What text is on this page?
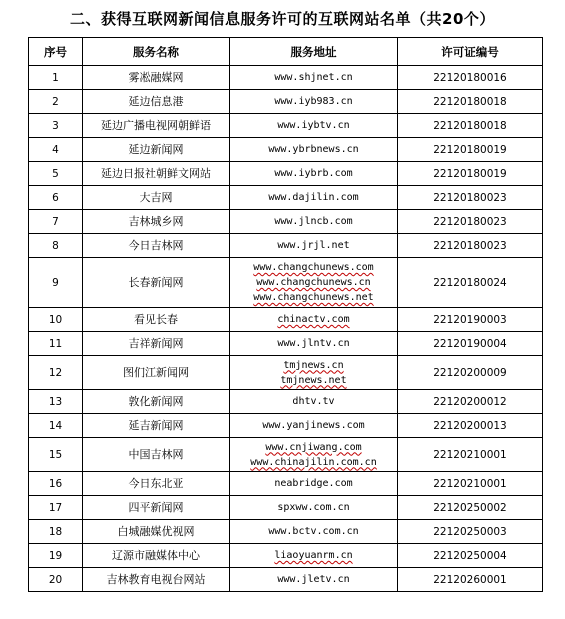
二、获得互联网新闻信息服务许可的互联网站名单（共20个）
序号	服务名称	服务地址	许可证编号
1	雾凇融媒网	www.shjnet.cn	22120180016
2	延边信息港	www.iyb983.cn	22120180018
3	延边广播电视网朝鲜语	www.iybtv.cn	22120180018
4	延边新闻网	www.ybrbnews.cn	22120180019
5	延边日报社朝鲜文网站	www.iybrb.com	22120180019
6	大吉网	www.dajilin.com	22120180023
7	吉林城乡网	www.jlncb.com	22120180023
8	今日吉林网	www.jrjl.net	22120180023
9	长春新闻网	www.changchunews.com
www.changchunews.cn
www.changchunews.net	22120180024
10	看见长春	chinactv.com	22120190003
11	吉祥新闻网	www.jlntv.cn	22120190004
12	图们江新闻网	tmjnews.cn
tmjnews.net	22120200009
13	敦化新闻网	dhtv.tv	22120200012
14	延吉新闻网	www.yanjinews.com	22120200013
15	中国吉林网	www.cnjiwang.com
www.chinajilin.com.cn	22120210001
16	今日东北亚	neabridge.com	22120210001
17	四平新闻网	spxww.com.cn	22120250002
18	白城融媒优视网	www.bctv.com.cn	22120250003
19	辽源市融媒体中心	liaoyuanrm.cn	22120250004
20	吉林教育电视台网站	www.jletv.cn	22120260001
